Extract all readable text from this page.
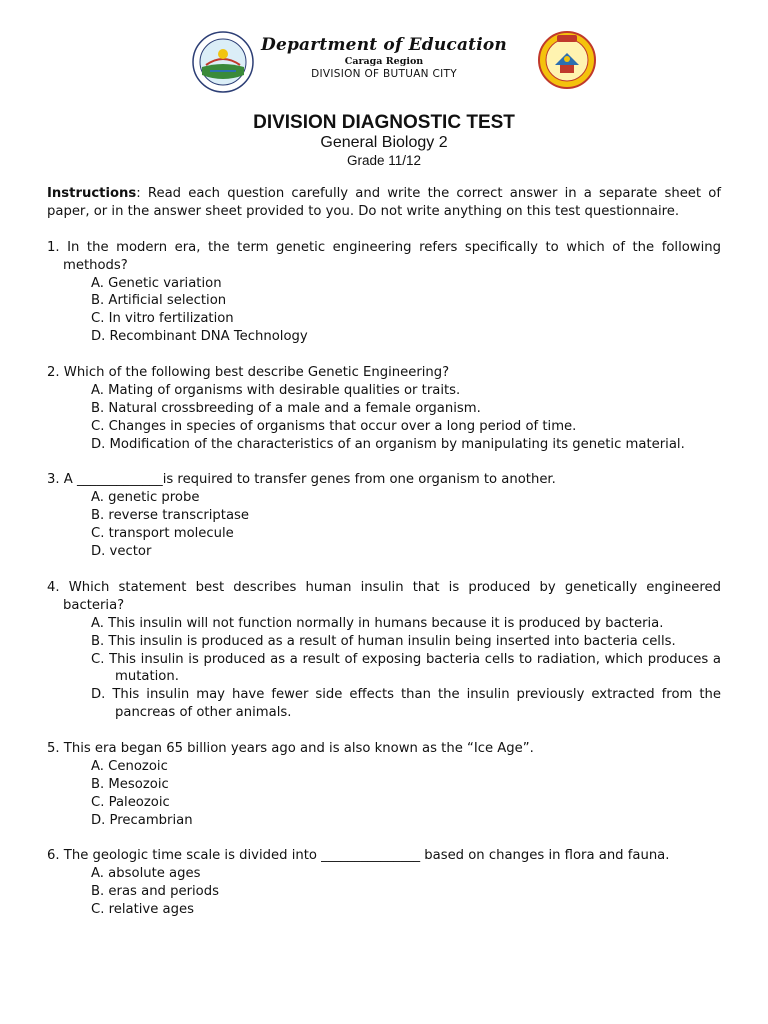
Department of Education
Caraga Region
DIVISION OF BUTUAN CITY
DIVISION DIAGNOSTIC TEST
General Biology 2
Grade 11/12
Instructions: Read each question carefully and write the correct answer in a separate sheet of paper, or in the answer sheet provided to you. Do not write anything on this test questionnaire.
1. In the modern era, the term genetic engineering refers specifically to which of the following methods?
A. Genetic variation
B. Artificial selection
C. In vitro fertilization
D. Recombinant DNA Technology
2. Which of the following best describe Genetic Engineering?
A. Mating of organisms with desirable qualities or traits.
B. Natural crossbreeding of a male and a female organism.
C. Changes in species of organisms that occur over a long period of time.
D. Modification of the characteristics of an organism by manipulating its genetic material.
3. A _____________is required to transfer genes from one organism to another.
A. genetic probe
B. reverse transcriptase
C. transport molecule
D. vector
4. Which statement best describes human insulin that is produced by genetically engineered bacteria?
A. This insulin will not function normally in humans because it is produced by bacteria.
B. This insulin is produced as a result of human insulin being inserted into bacteria cells.
C. This insulin is produced as a result of exposing bacteria cells to radiation, which produces a mutation.
D. This insulin may have fewer side effects than the insulin previously extracted from the pancreas of other animals.
5. This era began 65 billion years ago and is also known as the “Ice Age”.
A. Cenozoic
B. Mesozoic
C. Paleozoic
D. Precambrian
6. The geologic time scale is divided into _______________ based on changes in flora and fauna.
A. absolute ages
B. eras and periods
C. relative ages
